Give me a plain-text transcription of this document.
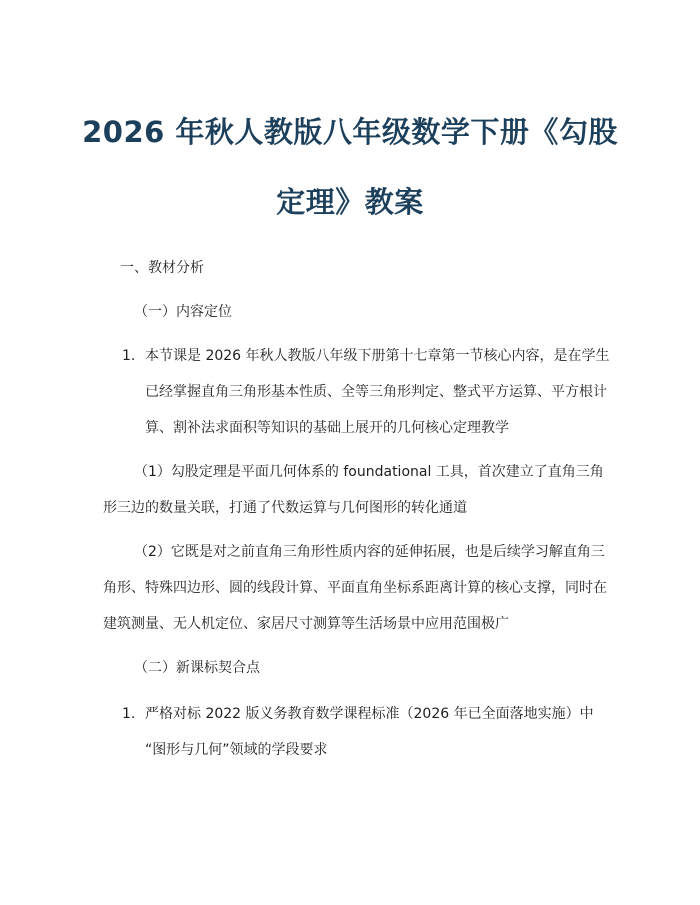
2026 年秋人教版八年级数学下册《勾股
定理》教案
一、教材分析
（一）内容定位
1. 本节课是 2026 年秋人教版八年级下册第十七章第一节核心内容，是在学生
已经掌握直角三角形基本性质、全等三角形判定、整式平方运算、平方根计
算、割补法求面积等知识的基础上展开的几何核心定理教学
（1）勾股定理是平面几何体系的 foundational 工具，首次建立了直角三角
形三边的数量关联，打通了代数运算与几何图形的转化通道
（2）它既是对之前直角三角形性质内容的延伸拓展，也是后续学习解直角三
角形、特殊四边形、圆的线段计算、平面直角坐标系距离计算的核心支撑，同时在
建筑测量、无人机定位、家居尺寸测算等生活场景中应用范围极广
（二）新课标契合点
1. 严格对标 2022 版义务教育数学课程标准（2026 年已全面落地实施）中
“图形与几何”领域的学段要求
